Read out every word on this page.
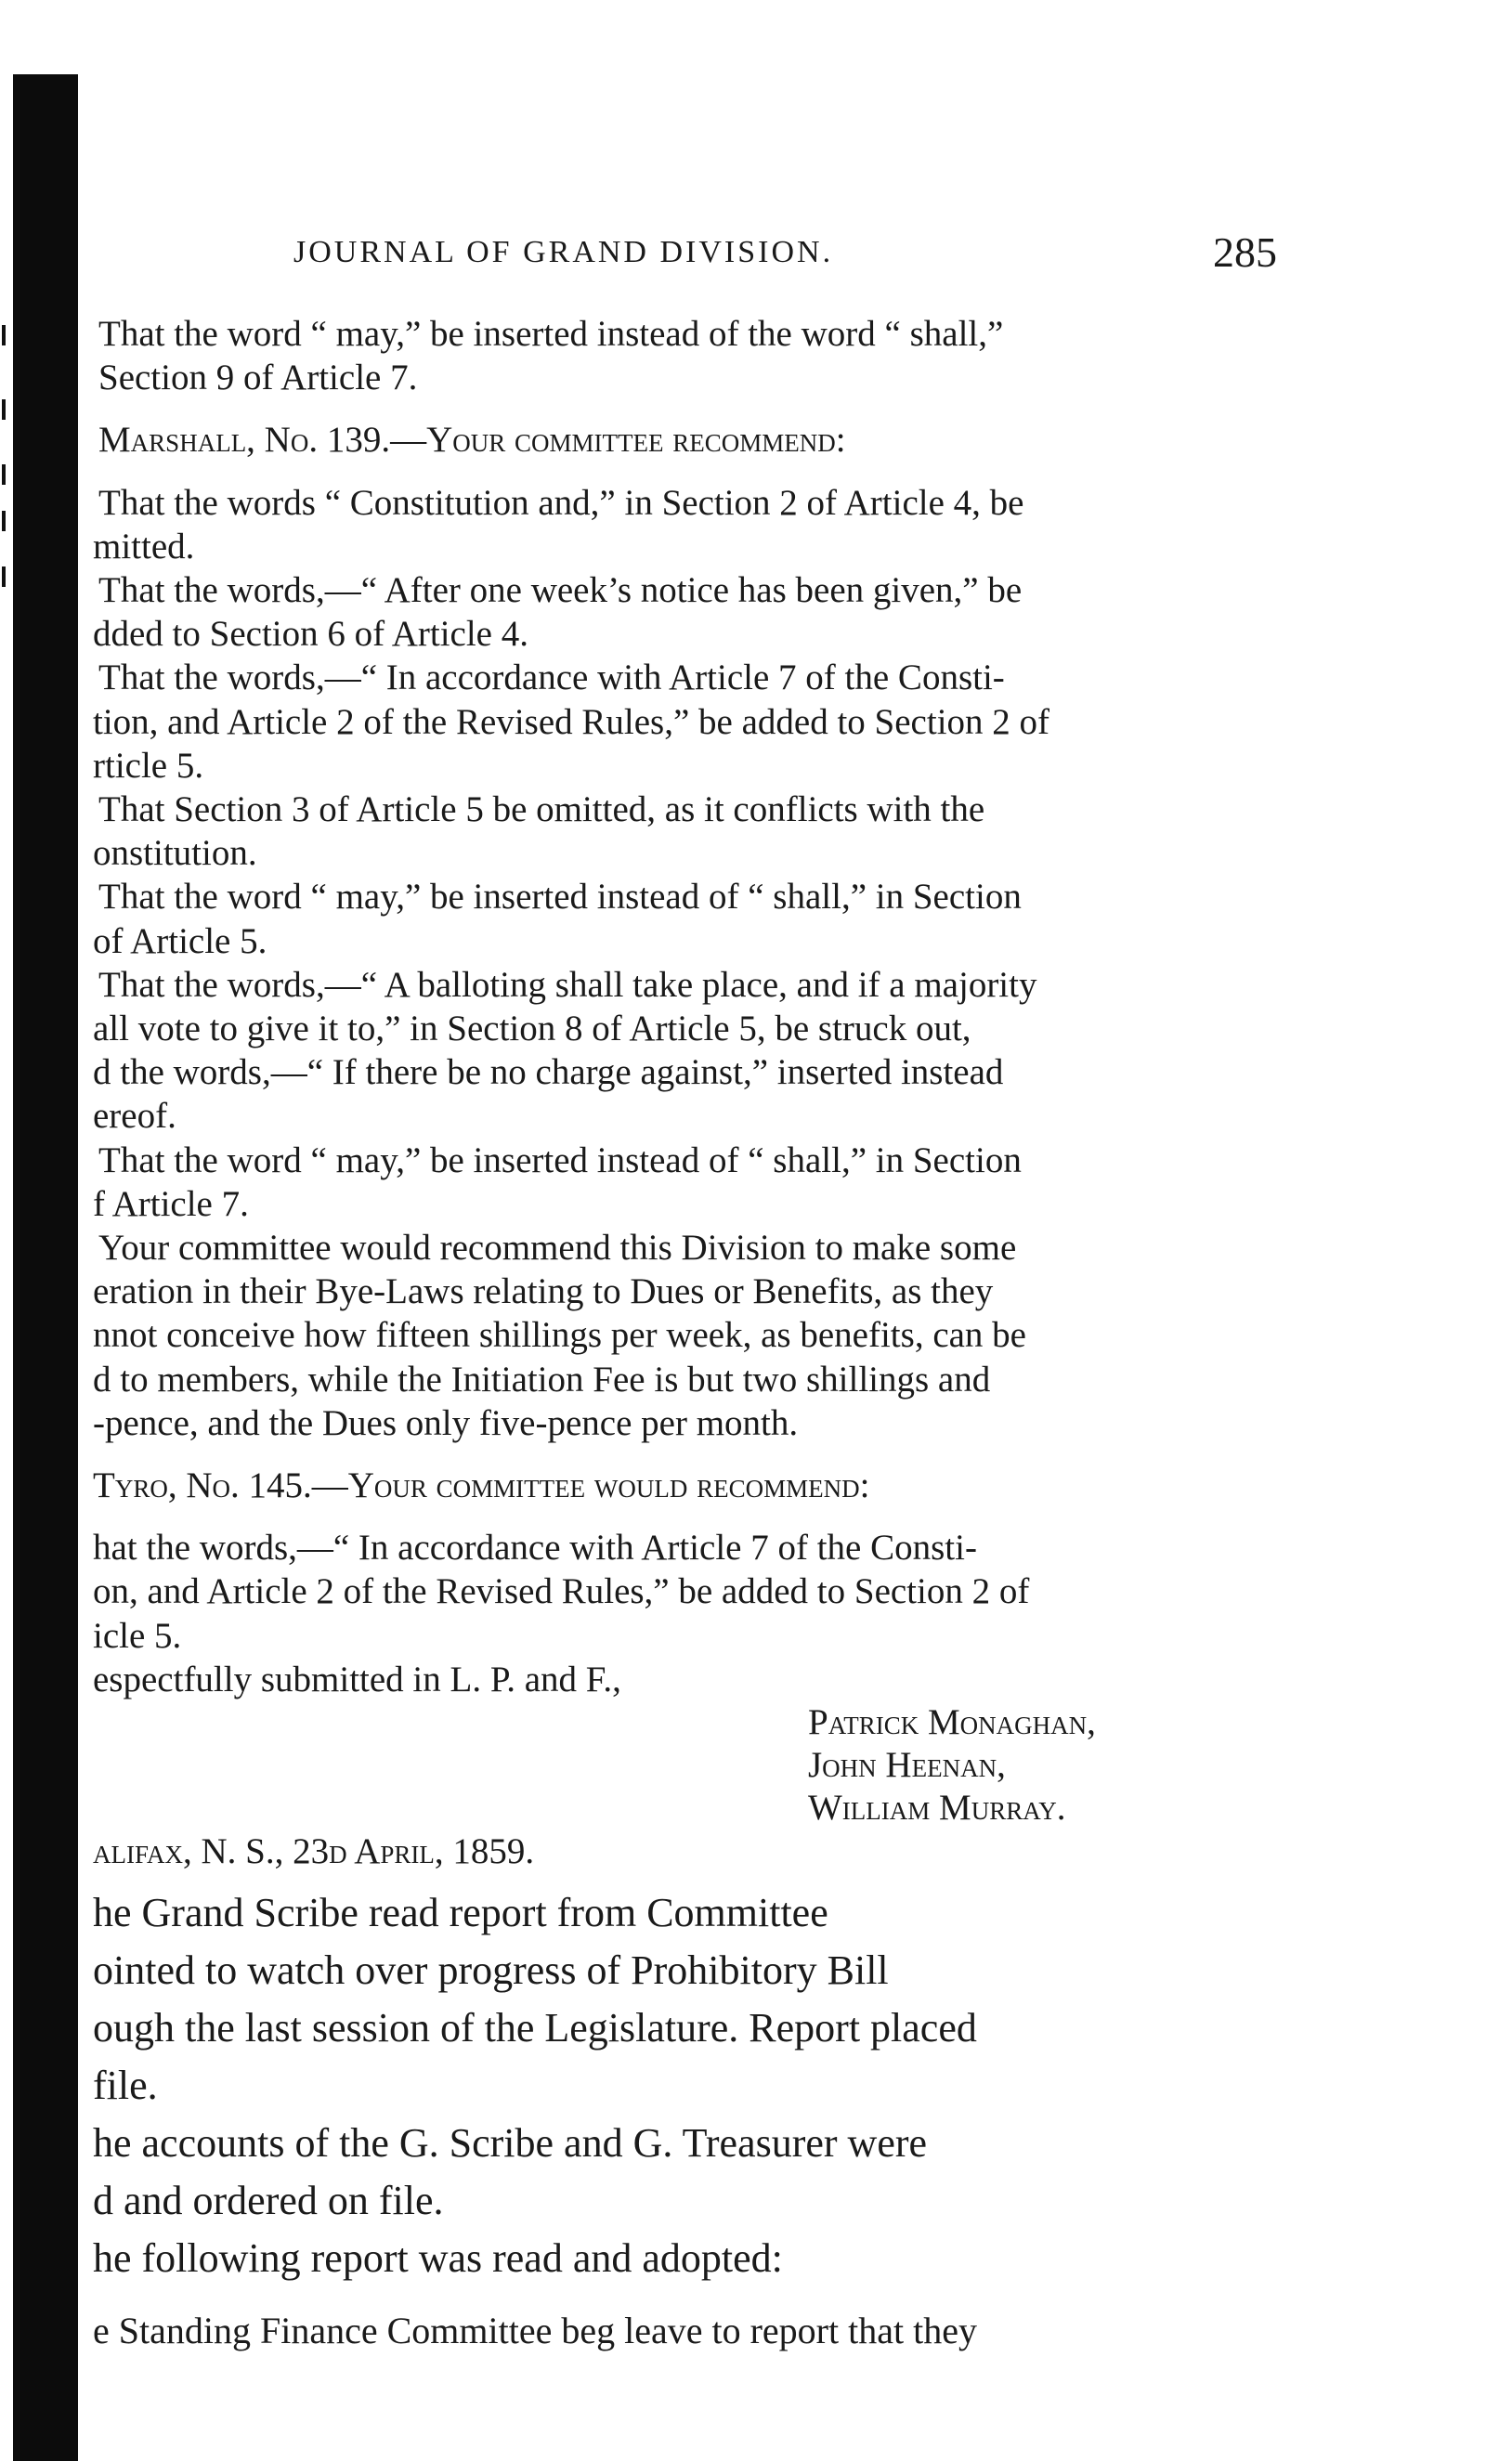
JOURNAL OF GRAND DIVISION.	285

That the word “ may,” be inserted instead of the word “ shall,”

Section 9 of Article 7.

Marshall, No. 139.—Your committee recommend:

That the words “ Constitution and,” in Section 2 of Article 4, be

mitted.

That the words,—“ After one week’s notice has been given,” be

dded to Section 6 of Article 4.

That the words,—“ In accordance with Article 7 of the Consti-

tion, and Article 2 of the Revised Rules,” be added to Section 2 of

rticle 5.

That Section 3 of Article 5 be omitted, as it conflicts with the

onstitution.

That the word “ may,” be inserted instead of “ shall,” in Section

of Article 5.

That the words,—“ A balloting shall take place, and if a majority

all vote to give it to,” in Section 8 of Article 5, be struck out,

d the words,—“ If there be no charge against,” inserted instead

ereof.

That the word “ may,” be inserted instead of “ shall,” in Section

f Article 7.

Your committee would recommend this Division to make some

eration in their Bye-Laws relating to Dues or Benefits, as they

nnot conceive how fifteen shillings per week, as benefits, can be

d to members, while the Initiation Fee is but two shillings and

-pence, and the Dues only five-pence per month.

Tyro, No. 145.—Your committee would recommend:

hat the words,—“ In accordance with Article 7 of the Consti-

on, and Article 2 of the Revised Rules,” be added to Section 2 of

icle 5.

espectfully submitted in L. P. and F.,

Patrick Monaghan,

John Heenan,

William Murray.

alifax, N. S., 23d April, 1859.

he Grand Scribe read report from Committee

ointed to watch over progress of Prohibitory Bill

ough the last session of the Legislature. Report placed

file.

he accounts of the G. Scribe and G. Treasurer were

d and ordered on file.

he following report was read and adopted:

e Standing Finance Committee beg leave to report that they
